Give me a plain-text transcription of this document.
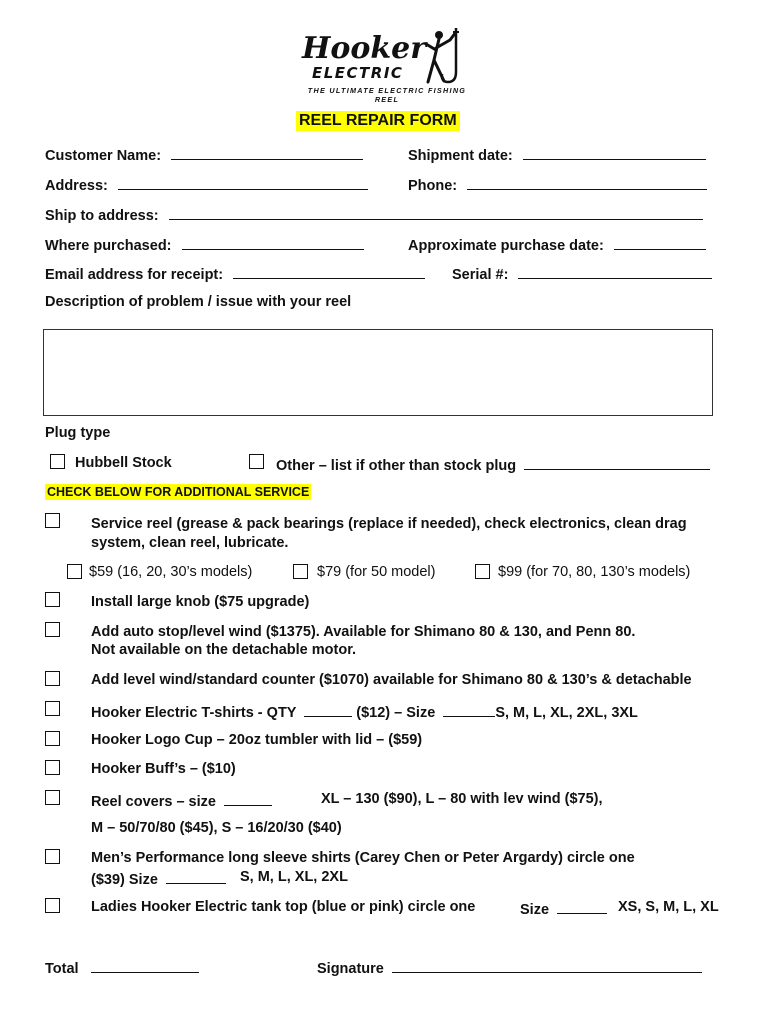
Hooker
ELECTRIC
THE ULTIMATE ELECTRIC FISHING REEL
REEL REPAIR FORM
Customer Name:	Shipment date:
Address:	Phone:
Ship to address:
Where purchased:	Approximate purchase date:
Email address for receipt:	Serial #:
Description of problem / issue with your reel
Plug type
Hubbell Stock	Other – list if other than stock plug
CHECK BELOW FOR ADDITIONAL SERVICE
Service reel (grease & pack bearings (replace if needed), check electronics, clean drag
system, clean reel, lubricate.
$59 (16, 20, 30’s models)	$79 (for 50 model)	$99 (for 70, 80, 130’s models)
Install large knob ($75 upgrade)
Add auto stop/level wind ($1375). Available for Shimano 80 & 130, and Penn 80.
Not available on the detachable motor.
Add level wind/standard counter ($1070) available for Shimano 80 & 130’s & detachable
Hooker Electric T-shirts - QTY	($12) – Size	S, M, L, XL, 2XL, 3XL
Hooker Logo Cup – 20oz tumbler with lid – ($59)
Hooker Buff’s – ($10)
Reel covers – size	XL – 130 ($90), L – 80 with lev wind ($75),
M – 50/70/80 ($45), S – 16/20/30 ($40)
Men’s Performance long sleeve shirts (Carey Chen or Peter Argardy) circle one
($39) Size	S, M, L, XL, 2XL
Ladies Hooker Electric tank top (blue or pink) circle one	Size	XS, S, M, L, XL
Total	Signature
